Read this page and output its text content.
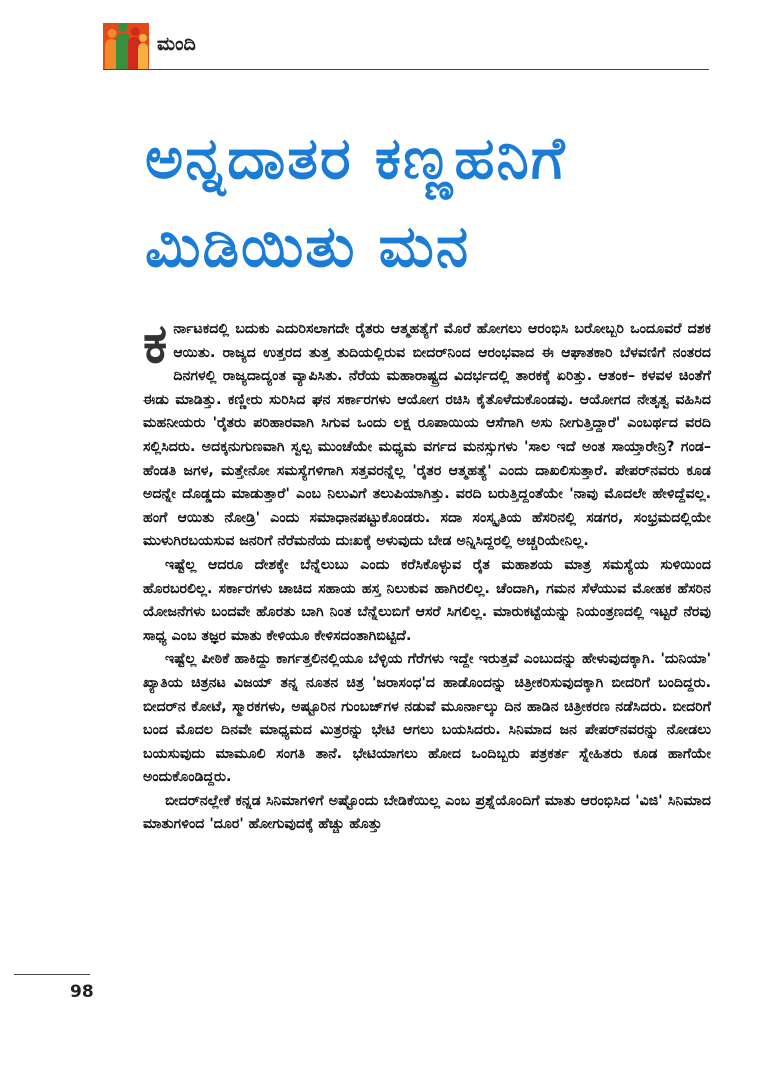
ಮಂದಿ
ಅನ್ನದಾತರ ಕಣ್ಣಹನಿಗೆ
ಮಿಡಿಯಿತು ಮನ

ಕರ್ನಾಟಕದಲ್ಲಿ ಬದುಕು ಎದುರಿಸಲಾಗದೇ ರೈತರು ಆತ್ಮಹತ್ಯೆಗೆ ಮೊರೆ ಹೋಗಲು ಆರಂಭಿಸಿ ಬರೋಬ್ಬರಿ ಒಂದೂವರೆ ದಶಕ ಆಯಿತು. ರಾಜ್ಯದ ಉತ್ತರದ ತುತ್ತ ತುದಿಯಲ್ಲಿರುವ ಬೀದರ್‌ನಿಂದ ಆರಂಭವಾದ ಈ ಆಘಾತಕಾರಿ ಬೆಳವಣಿಗೆ ನಂತರದ ದಿನಗಳಲ್ಲಿ ರಾಜ್ಯದಾದ್ಯಂತ ವ್ಯಾಪಿಸಿತು. ನೆರೆಯ ಮಹಾರಾಷ್ಟ್ರದ ವಿದರ್ಭದಲ್ಲಿ ತಾರಕಕ್ಕೆ ಏರಿತ್ತು. ಆತಂಕ– ಕಳವಳ ಚಿಂತೆಗೆ ಈಡು ಮಾಡಿತ್ತು. ಕಣ್ಣೀರು ಸುರಿಸಿದ ಘನ ಸರ್ಕಾರಗಳು ಆಯೋಗ ರಚಿಸಿ ಕೈತೊಳೆದುಕೊಂಡವು. ಆಯೋಗದ ನೇತೃತ್ವ ವಹಿಸಿದ ಮಹನೀಯರು 'ರೈತರು ಪರಿಹಾರವಾಗಿ ಸಿಗುವ ಒಂದು ಲಕ್ಷ ರೂಪಾಯಿಯ ಆಸೆಗಾಗಿ ಅಸು ನೀಗುತ್ತಿದ್ದಾರೆ' ಎಂಬರ್ಥದ ವರದಿ ಸಲ್ಲಿಸಿದರು. ಅದಕ್ಕನುಗುಣವಾಗಿ ಸ್ವಲ್ಪ ಮುಂಚೆಯೇ ಮಧ್ಯಮ ವರ್ಗದ ಮನಸ್ಸುಗಳು 'ಸಾಲ ಇದೆ ಅಂತ ಸಾಯ್ತಾರೇನ್ರಿ? ಗಂಡ– ಹೆಂಡತಿ ಜಗಳ, ಮತ್ತೇನೋ ಸಮಸ್ಯೆಗಳಿಗಾಗಿ ಸತ್ತವರನ್ನೆಲ್ಲ 'ರೈತರ ಆತ್ಮಹತ್ಯೆ' ಎಂದು ದಾಖಲಿಸುತ್ತಾರೆ. ಪೇಪರ್‌ನವರು ಕೂಡ ಅದನ್ನೇ ದೊಡ್ಡದು ಮಾಡುತ್ತಾರೆ' ಎಂಬ ನಿಲುವಿಗೆ ತಲುಪಿಯಾಗಿತ್ತು. ವರದಿ ಬರುತ್ತಿದ್ದಂತೆಯೇ 'ನಾವು ಮೊದಲೇ ಹೇಳಿದ್ದೆವಲ್ಲ. ಹಂಗೆ ಆಯಿತು ನೋಡ್ರಿ' ಎಂದು ಸಮಾಧಾನಪಟ್ಟುಕೊಂಡರು. ಸದಾ ಸಂಸ್ಕೃತಿಯ ಹೆಸರಿನಲ್ಲಿ ಸಡಗರ, ಸಂಭ್ರಮದಲ್ಲಿಯೇ ಮುಳುಗಿರಬಯಸುವ ಜನರಿಗೆ ನೆರೆಮನೆಯ ದುಃಖಕ್ಕೆ ಅಳುವುದು ಬೇಡ ಅನ್ನಿಸಿದ್ದರಲ್ಲಿ ಅಚ್ಚರಿಯೇನಿಲ್ಲ.

ಇಷ್ಟೆಲ್ಲ ಆದರೂ ದೇಶಕ್ಕೇ ಬೆನ್ನೆಲುಬು ಎಂದು ಕರೆಸಿಕೊಳ್ಳುವ ರೈತ ಮಹಾಶಯ ಮಾತ್ರ ಸಮಸ್ಯೆಯ ಸುಳಿಯಿಂದ ಹೊರಬರಲಿಲ್ಲ. ಸರ್ಕಾರಗಳು ಚಾಚಿದ ಸಹಾಯ ಹಸ್ತ ನಿಲುಕುವ ಹಾಗಿರಲಿಲ್ಲ. ಚೆಂದಾಗಿ, ಗಮನ ಸೆಳೆಯುವ ಮೋಹಕ ಹೆಸರಿನ ಯೋಜನೆಗಳು ಬಂದವೇ ಹೊರತು ಬಾಗಿ ನಿಂತ ಬೆನ್ನೆಲುಬಿಗೆ ಆಸರೆ ಸಿಗಲಿಲ್ಲ. ಮಾರುಕಟ್ಟೆಯನ್ನು ನಿಯಂತ್ರಣದಲ್ಲಿ ಇಟ್ಟರೆ ನೆರವು ಸಾಧ್ಯ ಎಂಬ ತಜ್ಞರ ಮಾತು ಕೇಳಿಯೂ ಕೇಳಿಸದಂತಾಗಿಬಿಟ್ಟಿದೆ.

ಇಷ್ಟೆಲ್ಲ ಪೀಠಿಕೆ ಹಾಕಿದ್ದು ಕಾರ್ಗತ್ತಲಿನಲ್ಲಿಯೂ ಬೆಳ್ಳಿಯ ಗೆರೆಗಳು ಇದ್ದೇ ಇರುತ್ತವೆ ಎಂಬುದನ್ನು ಹೇಳುವುದಕ್ಕಾಗಿ. 'ದುನಿಯಾ' ಖ್ಯಾತಿಯ ಚಿತ್ರನಟ ವಿಜಯ್ ತನ್ನ ನೂತನ ಚಿತ್ರ 'ಜರಾಸಂಧ'ದ ಹಾಡೊಂದನ್ನು ಚಿತ್ರೀಕರಿಸುವುದಕ್ಕಾಗಿ ಬೀದರಿಗೆ ಬಂದಿದ್ದರು. ಬೀದರ್‌ನ ಕೋಟೆ, ಸ್ಮಾರಕಗಳು, ಅಷ್ಟೂರಿನ ಗುಂಬಜ್‌ಗಳ ನಡುವೆ ಮೂರ್ನಾಲ್ಕು ದಿನ ಹಾಡಿನ ಚಿತ್ರೀಕರಣ ನಡೆಸಿದರು. ಬೀದರಿಗೆ ಬಂದ ಮೊದಲ ದಿನವೇ ಮಾಧ್ಯಮದ ಮಿತ್ರರನ್ನು ಭೇಟಿ ಆಗಲು ಬಯಸಿದರು. ಸಿನಿಮಾದ ಜನ ಪೇಪರ್‌ನವರನ್ನು ನೋಡಲು ಬಯಸುವುದು ಮಾಮೂಲಿ ಸಂಗತಿ ತಾನೆ. ಭೇಟಿಯಾಗಲು ಹೋದ ಒಂದಿಬ್ಬರು ಪತ್ರಕರ್ತ ಸ್ನೇಹಿತರು ಕೂಡ ಹಾಗೆಯೇ ಅಂದುಕೊಂಡಿದ್ದರು.

ಬೀದರ್‌ನಲ್ಲೇಕೆ ಕನ್ನಡ ಸಿನಿಮಾಗಳಿಗೆ ಅಷ್ಟೊಂದು ಬೇಡಿಕೆಯಿಲ್ಲ ಎಂಬ ಪ್ರಶ್ನೆಯೊಂದಿಗೆ ಮಾತು ಆರಂಭಿಸಿದ 'ವಿಜಿ' ಸಿನಿಮಾದ ಮಾತುಗಳಿಂದ 'ದೂರ' ಹೋಗುವುದಕ್ಕೆ ಹೆಚ್ಚು ಹೊತ್ತು

98
